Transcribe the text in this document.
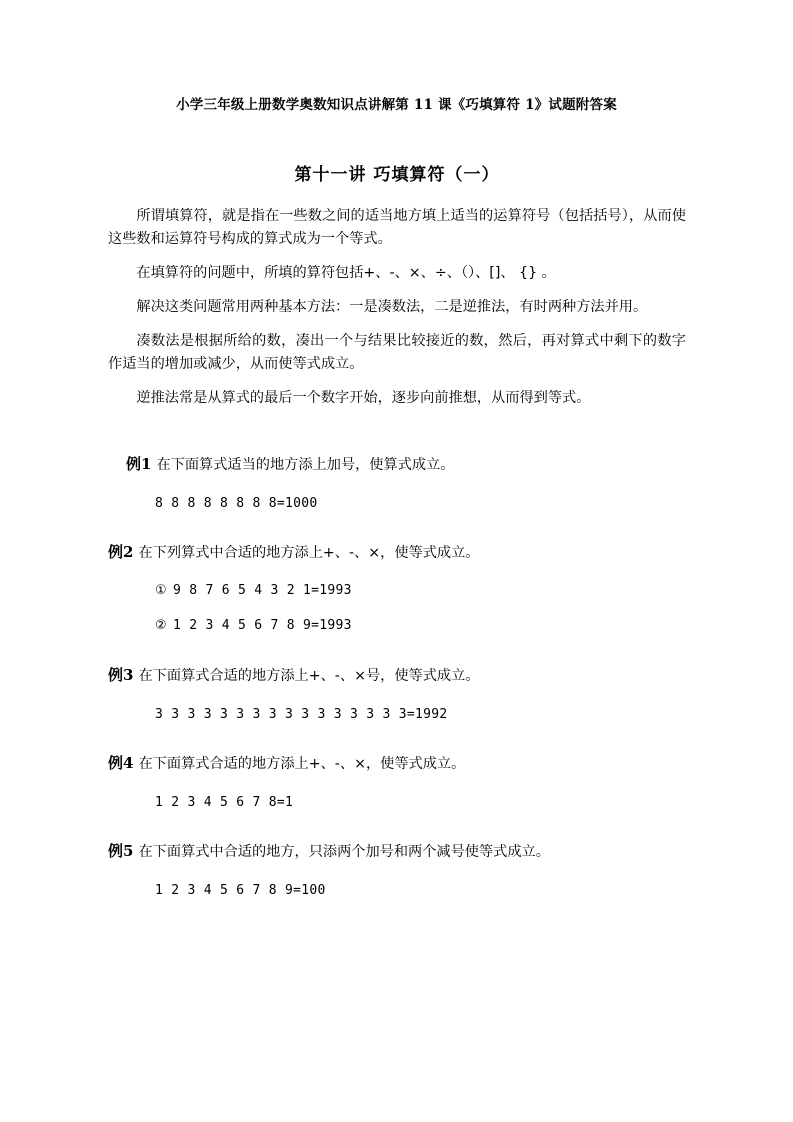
小学三年级上册数学奥数知识点讲解第 11 课《巧填算符 1》试题附答案
第十一讲 巧填算符（一）

所谓填算符，就是指在一些数之间的适当地方填上适当的运算符号（包括括号），从而使这些数和运算符号构成的算式成为一个等式。

在填算符的问题中，所填的算符包括+、-、×、÷、（）、[]、 {} 。

解决这类问题常用两种基本方法：一是凑数法，二是逆推法，有时两种方法并用。

凑数法是根据所给的数，凑出一个与结果比较接近的数，然后，再对算式中剩下的数字作适当的增加或减少，从而使等式成立。

逆推法常是从算式的最后一个数字开始，逐步向前推想，从而得到等式。

例1 在下面算式适当的地方添上加号，使算式成立。

8 8 8 8 8 8 8 8=1000

例2 在下列算式中合适的地方添上+、-、×，使等式成立。

① 9 8 7 6 5 4 3 2 1=1993
② 1 2 3 4 5 6 7 8 9=1993

例3 在下面算式合适的地方添上+、-、×号，使等式成立。

3 3 3 3 3 3 3 3 3 3 3 3 3 3 3 3=1992

例4 在下面算式合适的地方添上+、-、×，使等式成立。

1 2 3 4 5 6 7 8=1

例5 在下面算式中合适的地方，只添两个加号和两个减号使等式成立。

1 2 3 4 5 6 7 8 9=100
